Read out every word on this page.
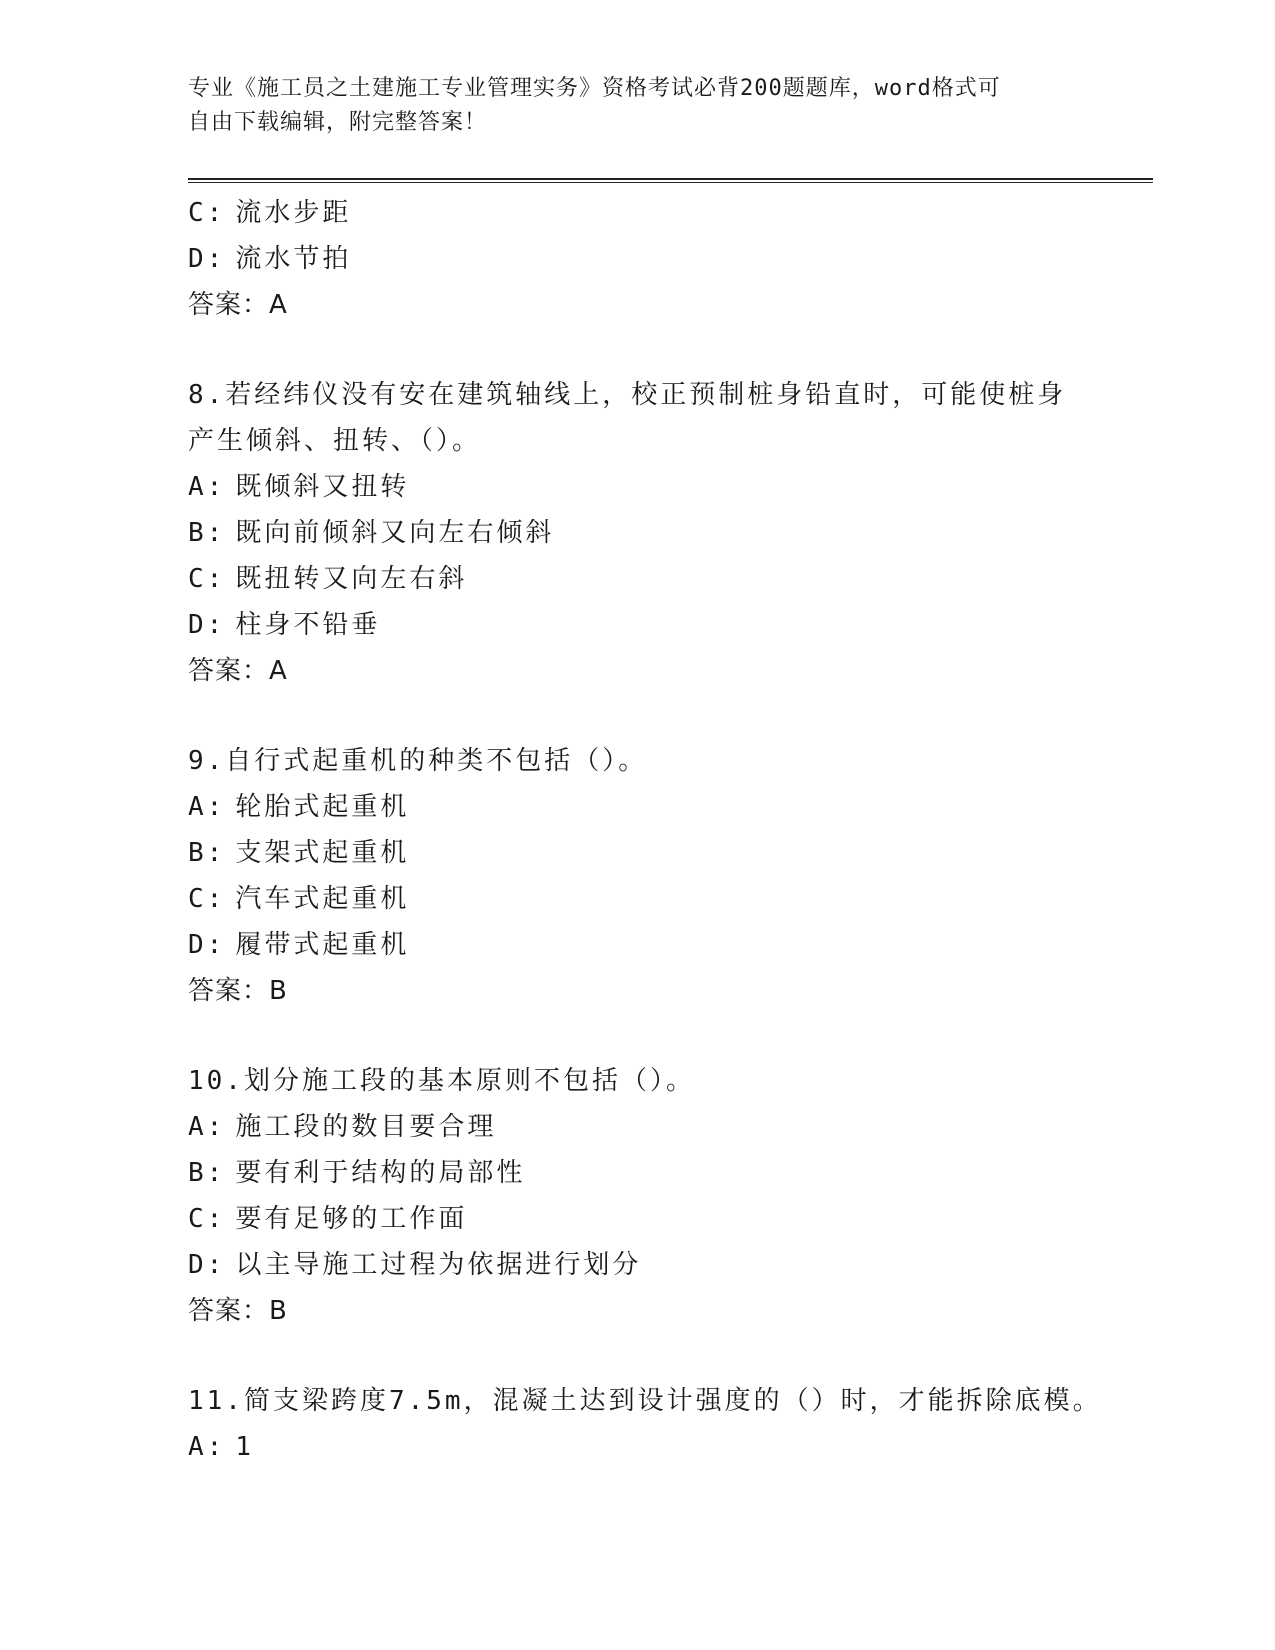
专业《施工员之土建施工专业管理实务》资格考试必背200题题库，word格式可
自由下载编辑，附完整答案！
C: 流水步距
D: 流水节拍
答案：A
8.若经纬仪没有安在建筑轴线上，校正预制桩身铅直时，可能使桩身
产生倾斜、扭转、（）。
A: 既倾斜又扭转
B: 既向前倾斜又向左右倾斜
C: 既扭转又向左右斜
D: 柱身不铅垂
答案：A
9.自行式起重机的种类不包括（）。
A: 轮胎式起重机
B: 支架式起重机
C: 汽车式起重机
D: 履带式起重机
答案：B
10.划分施工段的基本原则不包括（）。
A: 施工段的数目要合理
B: 要有利于结构的局部性
C: 要有足够的工作面
D: 以主导施工过程为依据进行划分
答案：B
11.简支梁跨度7.5m，混凝土达到设计强度的（）时，才能拆除底模。
A: 1
